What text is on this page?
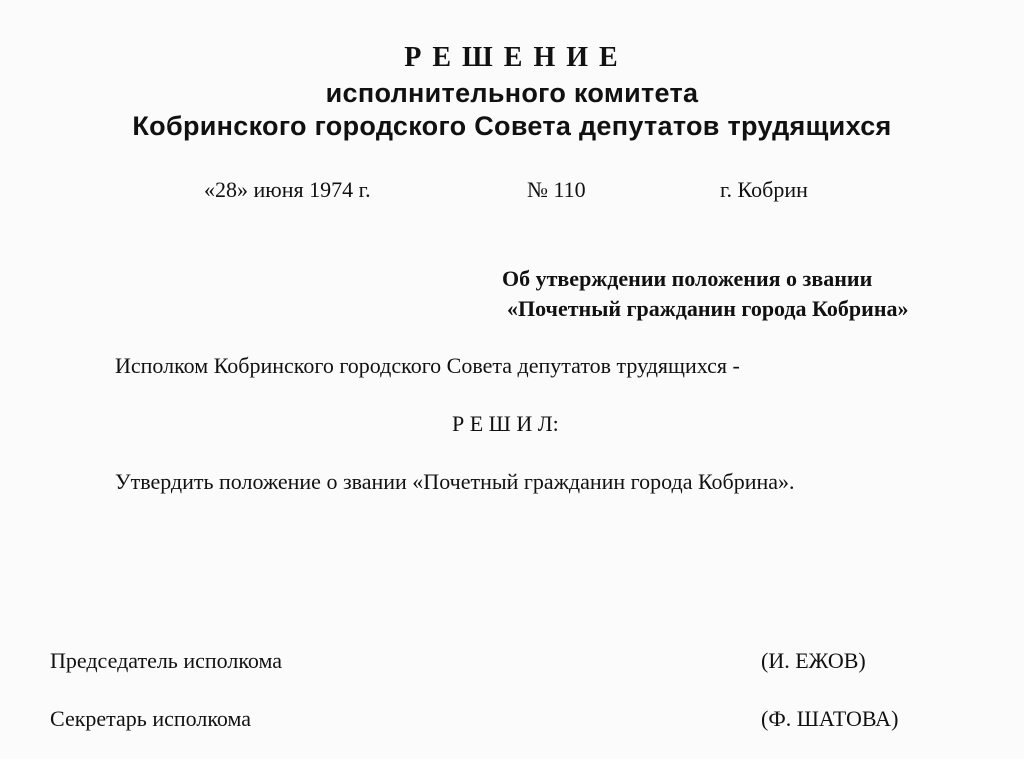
Р Е Ш Е Н И Е
исполнительного комитета
Кобринского городского Совета депутатов трудящихся
«28» июня 1974 г.	№ 110	г. Кобрин
Об утверждении положения о звании
«Почетный гражданин города Кобрина»
Исполком Кобринского городского Совета депутатов трудящихся -
Р Е Ш И Л:
Утвердить положение о звании «Почетный гражданин города Кобрина».
Председатель исполкома	(И. ЕЖОВ)
Секретарь исполкома	(Ф. ШАТОВА)
